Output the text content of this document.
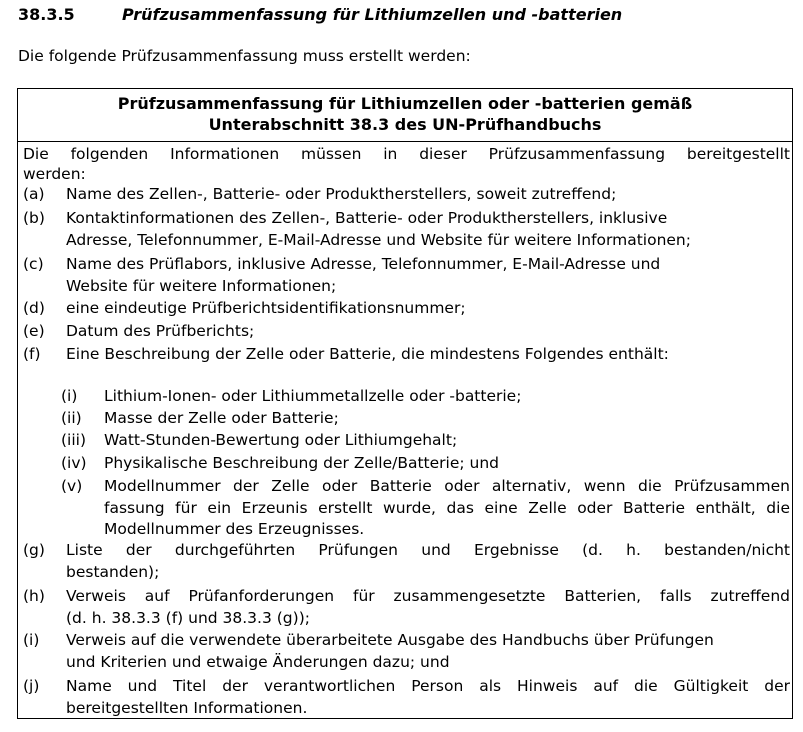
38.3.5	Prüfzusammenfassung für Lithiumzellen und -batterien
Die folgende Prüfzusammenfassung muss erstellt werden:
Prüfzusammenfassung für Lithiumzellen oder -batterien gemäß
Unterabschnitt 38.3 des UN-Prüfhandbuchs
Die folgenden Informationen müssen in dieser Prüfzusammenfassung bereitgestellt
werden:
(a) Name des Zellen-, Batterie- oder Produktherstellers, soweit zutreffend;
(b) Kontaktinformationen des Zellen-, Batterie- oder Produktherstellers, inklusive
Adresse, Telefonnummer, E-Mail-Adresse und Website für weitere Informationen;
(c) Name des Prüflabors, inklusive Adresse, Telefonnummer, E-Mail-Adresse und
Website für weitere Informationen;
(d) eine eindeutige Prüfberichtsidentifikationsnummer;
(e) Datum des Prüfberichts;
(f) Eine Beschreibung der Zelle oder Batterie, die mindestens Folgendes enthält:
(i) Lithium-Ionen- oder Lithiummetallzelle oder -batterie;
(ii) Masse der Zelle oder Batterie;
(iii) Watt-Stunden-Bewertung oder Lithiumgehalt;
(iv) Physikalische Beschreibung der Zelle/Batterie; und
(v) Modellnummer der Zelle oder Batterie oder alternativ, wenn die Prüfzusammen
fassung für ein Erzeunis erstellt wurde, das eine Zelle oder Batterie enthält, die
Modellnummer des Erzeugnisses.
(g) Liste der durchgeführten Prüfungen und Ergebnisse (d. h. bestanden/nicht
bestanden);
(h) Verweis auf Prüfanforderungen für zusammengesetzte Batterien, falls zutreffend
(d. h. 38.3.3 (f) und 38.3.3 (g));
(i) Verweis auf die verwendete überarbeitete Ausgabe des Handbuchs über Prüfungen
und Kriterien und etwaige Änderungen dazu; und
(j) Name und Titel der verantwortlichen Person als Hinweis auf die Gültigkeit der
bereitgestellten Informationen.
